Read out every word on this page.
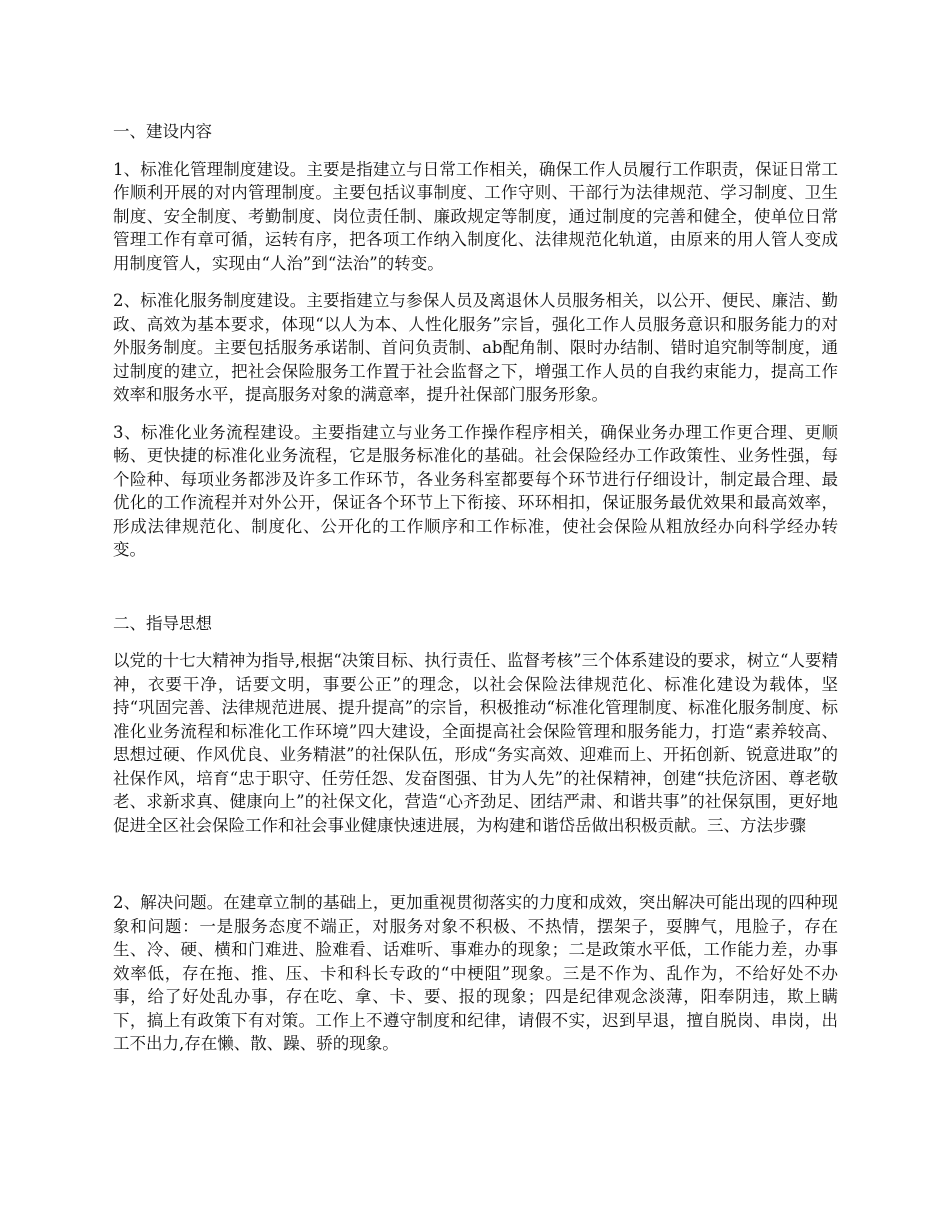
一、建设内容

1、标准化管理制度建设。主要是指建立与日常工作相关，确保工作人员履行工作职责，保证日常工作顺利开展的对内管理制度。主要包括议事制度、工作守则、干部行为法律规范、学习制度、卫生制度、安全制度、考勤制度、岗位责任制、廉政规定等制度，通过制度的完善和健全，使单位日常管理工作有章可循，运转有序，把各项工作纳入制度化、法律规范化轨道，由原来的用人管人变成用制度管人，实现由“人治”到“法治”的转变。

2、标准化服务制度建设。主要指建立与参保人员及离退休人员服务相关，以公开、便民、廉洁、勤政、高效为基本要求，体现“以人为本、人性化服务”宗旨，强化工作人员服务意识和服务能力的对外服务制度。主要包括服务承诺制、首问负责制、ab配角制、限时办结制、错时追究制等制度，通过制度的建立，把社会保险服务工作置于社会监督之下，增强工作人员的自我约束能力，提高工作效率和服务水平，提高服务对象的满意率，提升社保部门服务形象。

3、标准化业务流程建设。主要指建立与业务工作操作程序相关，确保业务办理工作更合理、更顺畅、更快捷的标准化业务流程，它是服务标准化的基础。社会保险经办工作政策性、业务性强，每个险种、每项业务都涉及许多工作环节，各业务科室都要每个环节进行仔细设计，制定最合理、最优化的工作流程并对外公开，保证各个环节上下衔接、环环相扣，保证服务最优效果和最高效率，形成法律规范化、制度化、公开化的工作顺序和工作标准，使社会保险从粗放经办向科学经办转变。

二、指导思想

以党的十七大精神为指导,根据“决策目标、执行责任、监督考核”三个体系建设的要求，树立“人要精神，衣要干净，话要文明，事要公正”的理念，以社会保险法律规范化、标准化建设为载体，坚持“巩固完善、法律规范进展、提升提高”的宗旨，积极推动“标准化管理制度、标准化服务制度、标准化业务流程和标准化工作环境”四大建设，全面提高社会保险管理和服务能力，打造“素养较高、思想过硬、作风优良、业务精湛”的社保队伍，形成“务实高效、迎难而上、开拓创新、锐意进取”的社保作风，培育“忠于职守、任劳任怨、发奋图强、甘为人先”的社保精神，创建“扶危济困、尊老敬老、求新求真、健康向上”的社保文化，营造“心齐劲足、团结严肃、和谐共事”的社保氛围，更好地促进全区社会保险工作和社会事业健康快速进展，为构建和谐岱岳做出积极贡献。三、方法步骤

2、解决问题。在建章立制的基础上，更加重视贯彻落实的力度和成效，突出解决可能出现的四种现象和问题：一是服务态度不端正，对服务对象不积极、不热情，摆架子，耍脾气，甩脸子，存在生、冷、硬、横和门难进、脸难看、话难听、事难办的现象；二是政策水平低，工作能力差，办事效率低，存在拖、推、压、卡和科长专政的“中梗阻”现象。三是不作为、乱作为，不给好处不办事，给了好处乱办事，存在吃、拿、卡、要、报的现象；四是纪律观念淡薄，阳奉阴违，欺上瞒下，搞上有政策下有对策。工作上不遵守制度和纪律，请假不实，迟到早退，擅自脱岗、串岗，出工不出力,存在懒、散、躁、骄的现象。
